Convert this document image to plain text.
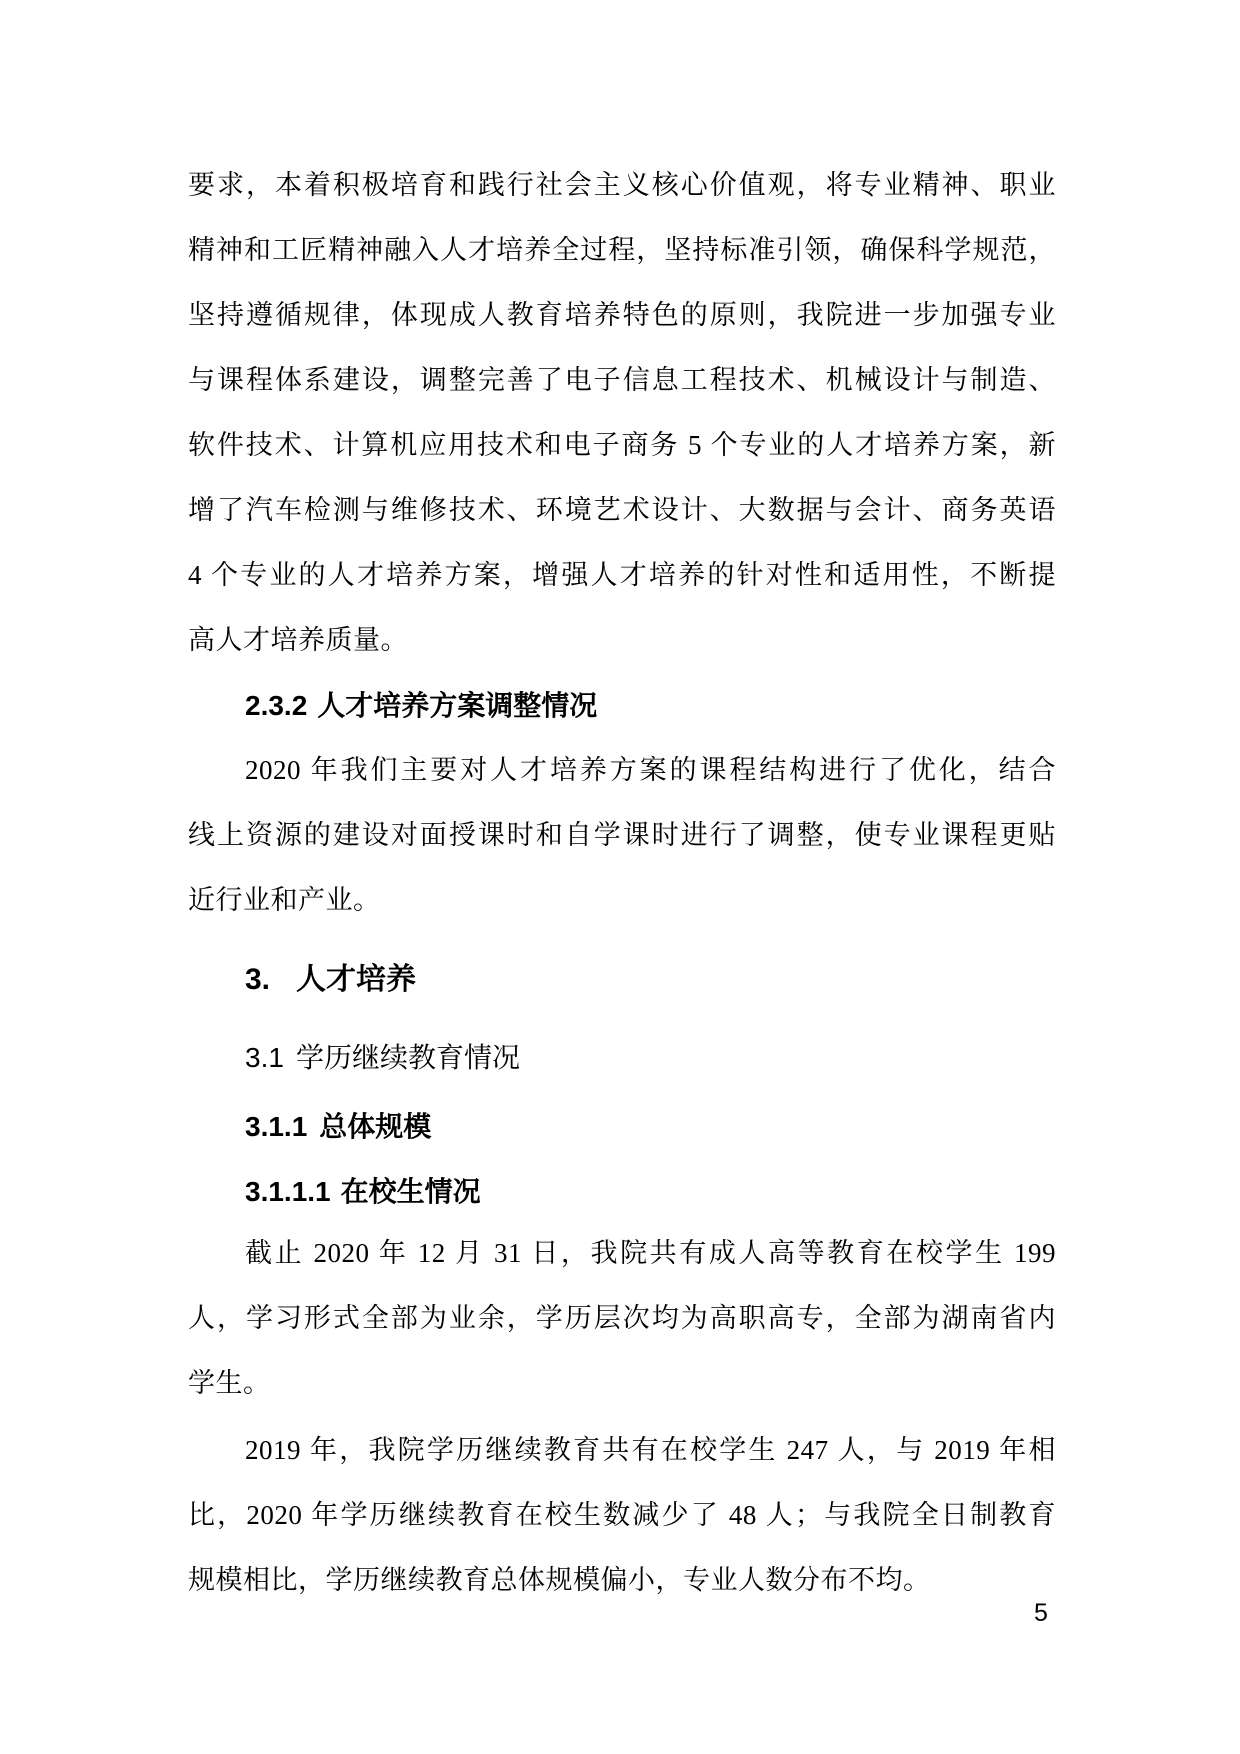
要求，本着积极培育和践行社会主义核心价值观，将专业精神、职业
精神和工匠精神融入人才培养全过程，坚持标准引领，确保科学规范，
坚持遵循规律，体现成人教育培养特色的原则，我院进一步加强专业
与课程体系建设，调整完善了电子信息工程技术、机械设计与制造、
软件技术、计算机应用技术和电子商务 5 个专业的人才培养方案，新
增了汽车检测与维修技术、环境艺术设计、大数据与会计、商务英语
4 个专业的人才培养方案，增强人才培养的针对性和适用性，不断提
高人才培养质量。
2.3.2 人才培养方案调整情况
2020 年我们主要对人才培养方案的课程结构进行了优化，结合
线上资源的建设对面授课时和自学课时进行了调整，使专业课程更贴
近行业和产业。
3. 人才培养
3.1 学历继续教育情况
3.1.1 总体规模
3.1.1.1 在校生情况
截止 2020 年 12 月 31 日，我院共有成人高等教育在校学生 199
人，学习形式全部为业余，学历层次均为高职高专，全部为湖南省内
学生。
2019 年，我院学历继续教育共有在校学生 247 人，与 2019 年相
比，2020 年学历继续教育在校生数减少了 48 人；与我院全日制教育
规模相比，学历继续教育总体规模偏小，专业人数分布不均。
5
